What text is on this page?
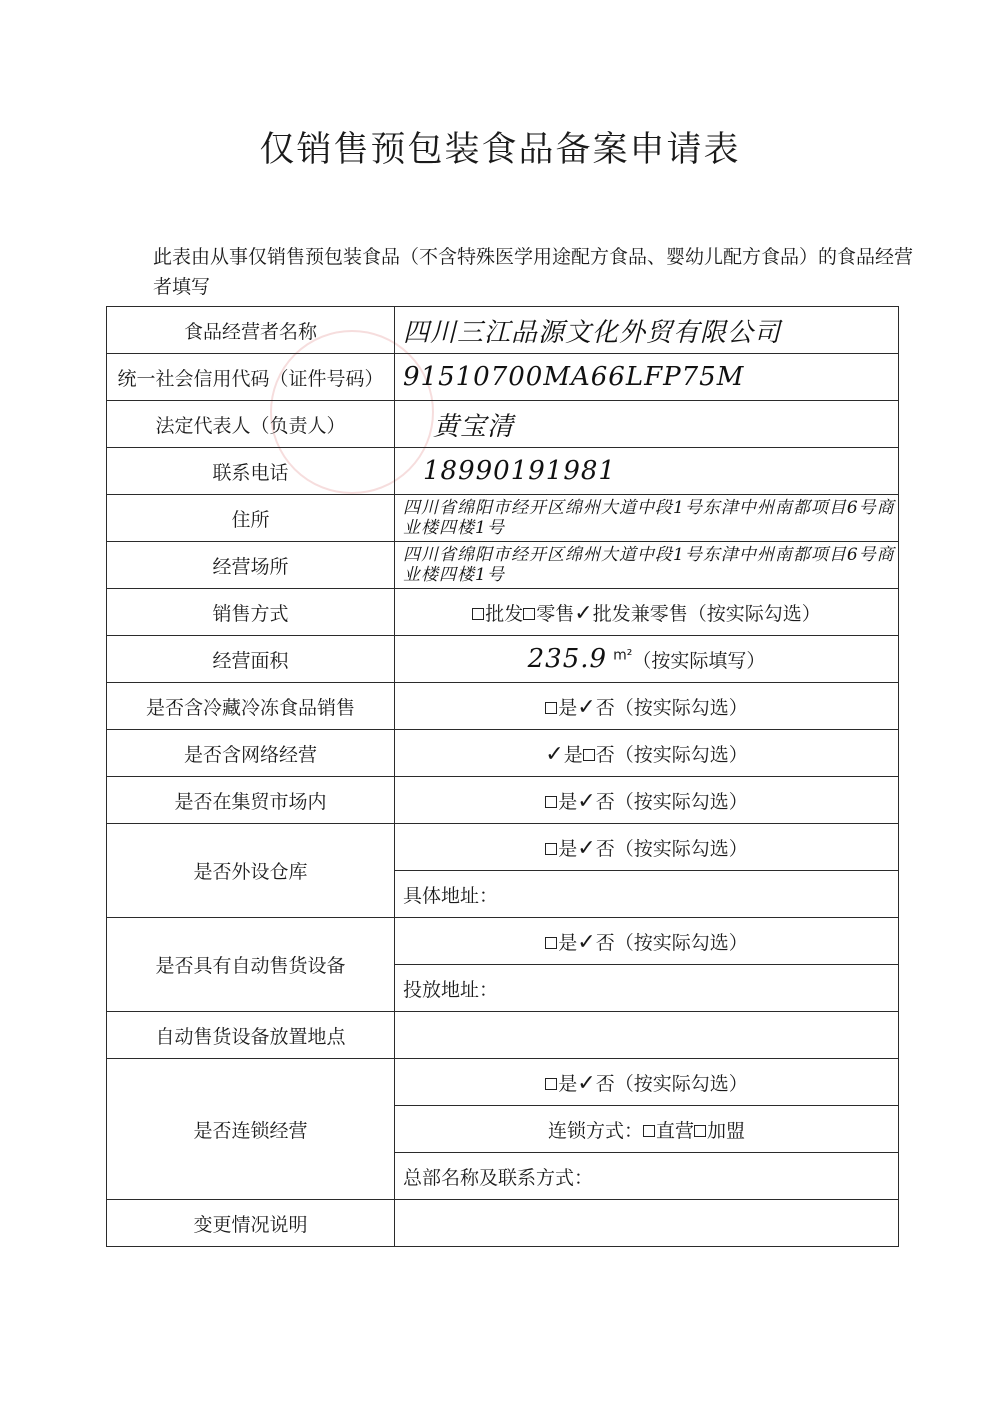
仅销售预包装食品备案申请表
此表由从事仅销售预包装食品（不含特殊医学用途配方食品、婴幼儿配方食品）的食品经营者填写
食品经营者名称	四川三江品源文化外贸有限公司
统一社会信用代码（证件号码）	91510700MA66LFP75M
法定代表人（负责人）	黄宝清
联系电话	18990191981
住所	四川省绵阳市经开区绵州大道中段1号东津中州南都项目6号商业楼四楼1号

经营场所	四川省绵阳市经开区绵州大道中段1号东津中州南都项目6号商业楼四楼1号

销售方式	批发 零售✓批发兼零售（按实际勾选）
经营面积	235.9 $^{m^2}$（按实际填写）
是否含冷藏冷冻食品销售	是✓否（按实际勾选）
是否含网络经营	✓是 否（按实际勾选）
是否在集贸市场内	是✓否（按实际勾选）
是否外设仓库	是✓否（按实际勾选）
	具体地址：
是否具有自动售货设备	是✓否（按实际勾选）
	投放地址：
自动售货设备放置地点	
是否连锁经营	是✓否（按实际勾选）
	连锁方式： 直营 加盟
	总部名称及联系方式：
变更情况说明	
